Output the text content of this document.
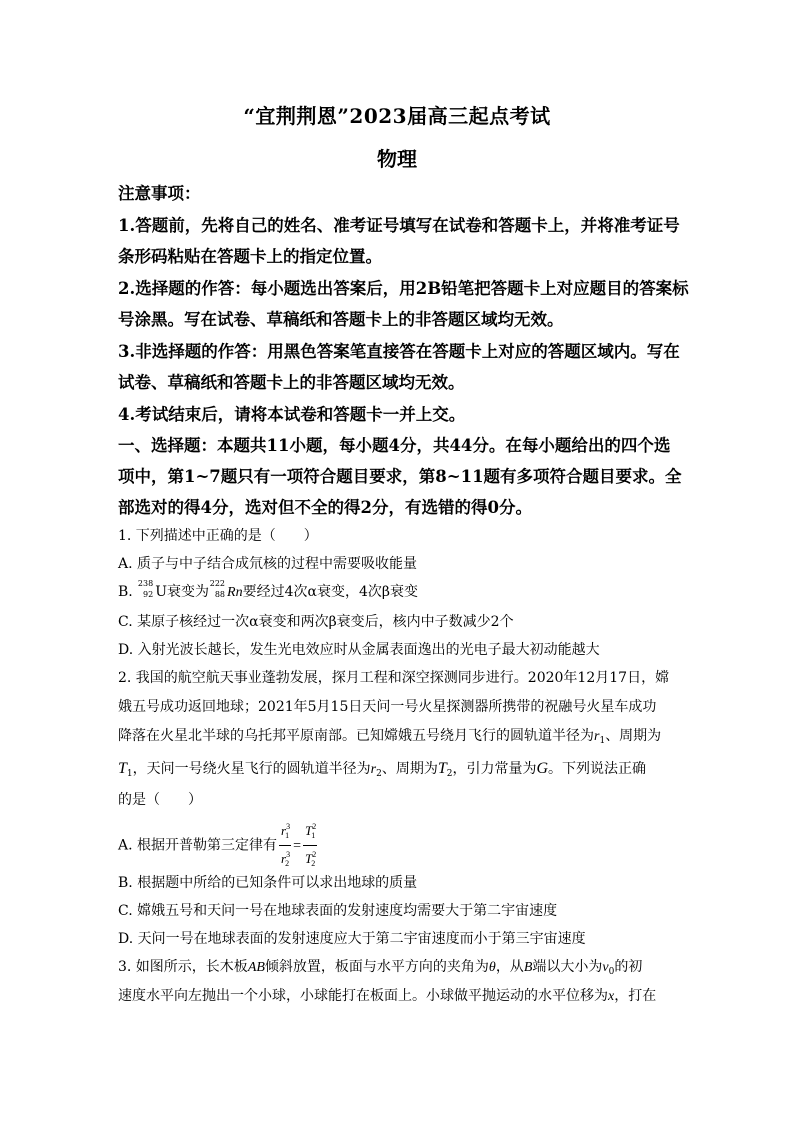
“宜荆荆恩”2023届高三起点考试
物理
注意事项：
1.答题前，先将自己的姓名、准考证号填写在试卷和答题卡上，并将准考证号
条形码粘贴在答题卡上的指定位置。
2.选择题的作答：每小题选出答案后，用2B铅笔把答题卡上对应题目的答案标
号涂黑。写在试卷、草稿纸和答题卡上的非答题区域均无效。
3.非选择题的作答：用黑色答案笔直接答在答题卡上对应的答题区域内。写在
试卷、草稿纸和答题卡上的非答题区域均无效。
4.考试结束后，请将本试卷和答题卡一并上交。
一、选择题：本题共11小题，每小题4分，共44分。在每小题给出的四个选
项中，第1~7题只有一项符合题目要求，第8~11题有多项符合题目要求。全
部选对的得4分，选对但不全的得2分，有选错的得0分。
1. 下列描述中正确的是（　　）
A. 质子与中子结合成氘核的过程中需要吸收能量
B.
238
92 U衰变为
222
88 Rn要经过4次α衰变，4次β衰变
C. 某原子核经过一次α衰变和两次β衰变后，核内中子数减少2个
D. 入射光波长越长，发生光电效应时从金属表面逸出的光电子最大初动能越大
2. 我国的航空航天事业蓬勃发展，探月工程和深空探测同步进行。2020年12月17日，嫦
娥五号成功返回地球；2021年5月15日天问一号火星探测器所携带的祝融号火星车成功
降落在火星北半球的乌托邦平原南部。已知嫦娥五号绕月飞行的圆轨道半径为$r_1$、周期为
$T_1$，天问一号绕火星飞行的圆轨道半径为$r_2$、周期为$T_2$，引力常量为G。下列说法正确
的是（　　）
A. 根据开普勒第三定律有 $\frac{r^3_1}{r^3_2} = \frac{T^2_1}{T^2_2}$
B. 根据题中所给的已知条件可以求出地球的质量
C. 嫦娥五号和天问一号在地球表面的发射速度均需要大于第二宇宙速度
D. 天问一号在地球表面的发射速度应大于第二宇宙速度而小于第三宇宙速度
3. 如图所示，长木板AB倾斜放置，板面与水平方向的夹角为θ，从B端以大小为$v_0$的初
速度水平向左抛出一个小球，小球能打在板面上。小球做平抛运动的水平位移为x，打在
